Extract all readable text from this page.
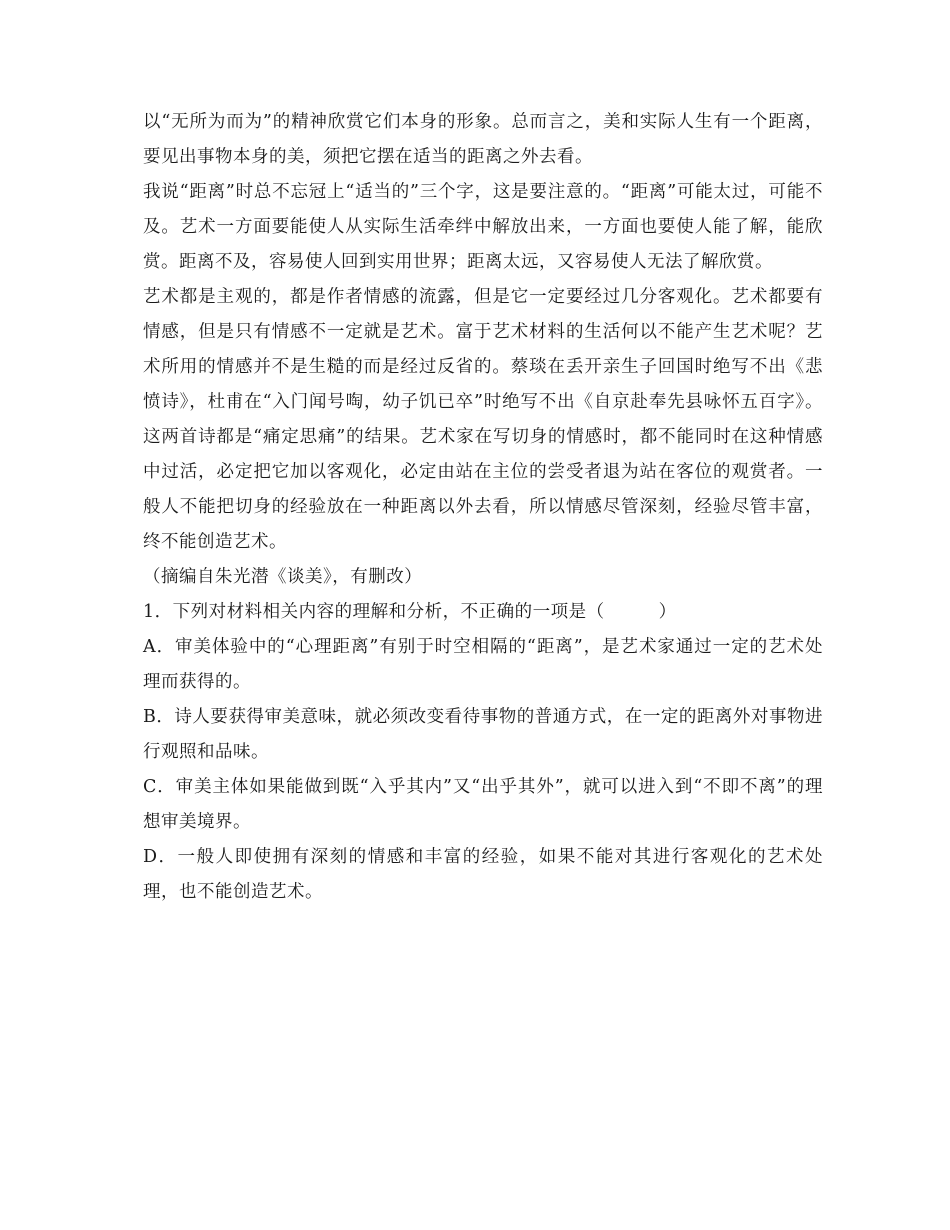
以“无所为而为”的精神欣赏它们本身的形象。总而言之，美和实际人生有一个距离，要见出事物本身的美，须把它摆在适当的距离之外去看。

我说“距离”时总不忘冠上“适当的”三个字，这是要注意的。“距离”可能太过，可能不及。艺术一方面要能使人从实际生活牵绊中解放出来，一方面也要使人能了解，能欣赏。距离不及，容易使人回到实用世界；距离太远，又容易使人无法了解欣赏。

艺术都是主观的，都是作者情感的流露，但是它一定要经过几分客观化。艺术都要有情感，但是只有情感不一定就是艺术。富于艺术材料的生活何以不能产生艺术呢？艺术所用的情感并不是生糙的而是经过反省的。蔡琰在丢开亲生子回国时绝写不出《悲愤诗》，杜甫在“入门闻号啕，幼子饥已卒”时绝写不出《自京赴奉先县咏怀五百字》。这两首诗都是“痛定思痛”的结果。艺术家在写切身的情感时，都不能同时在这种情感中过活，必定把它加以客观化，必定由站在主位的尝受者退为站在客位的观赏者。一般人不能把切身的经验放在一种距离以外去看，所以情感尽管深刻，经验尽管丰富，终不能创造艺术。

（摘编自朱光潜《谈美》，有删改）

1．下列对材料相关内容的理解和分析，不正确的一项是（　　　）

A．审美体验中的“心理距离”有别于时空相隔的“距离”，是艺术家通过一定的艺术处理而获得的。

B．诗人要获得审美意味，就必须改变看待事物的普通方式，在一定的距离外对事物进行观照和品味。

C．审美主体如果能做到既“入乎其内”又“出乎其外”，就可以进入到“不即不离”的理想审美境界。

D．一般人即使拥有深刻的情感和丰富的经验，如果不能对其进行客观化的艺术处理，也不能创造艺术。
